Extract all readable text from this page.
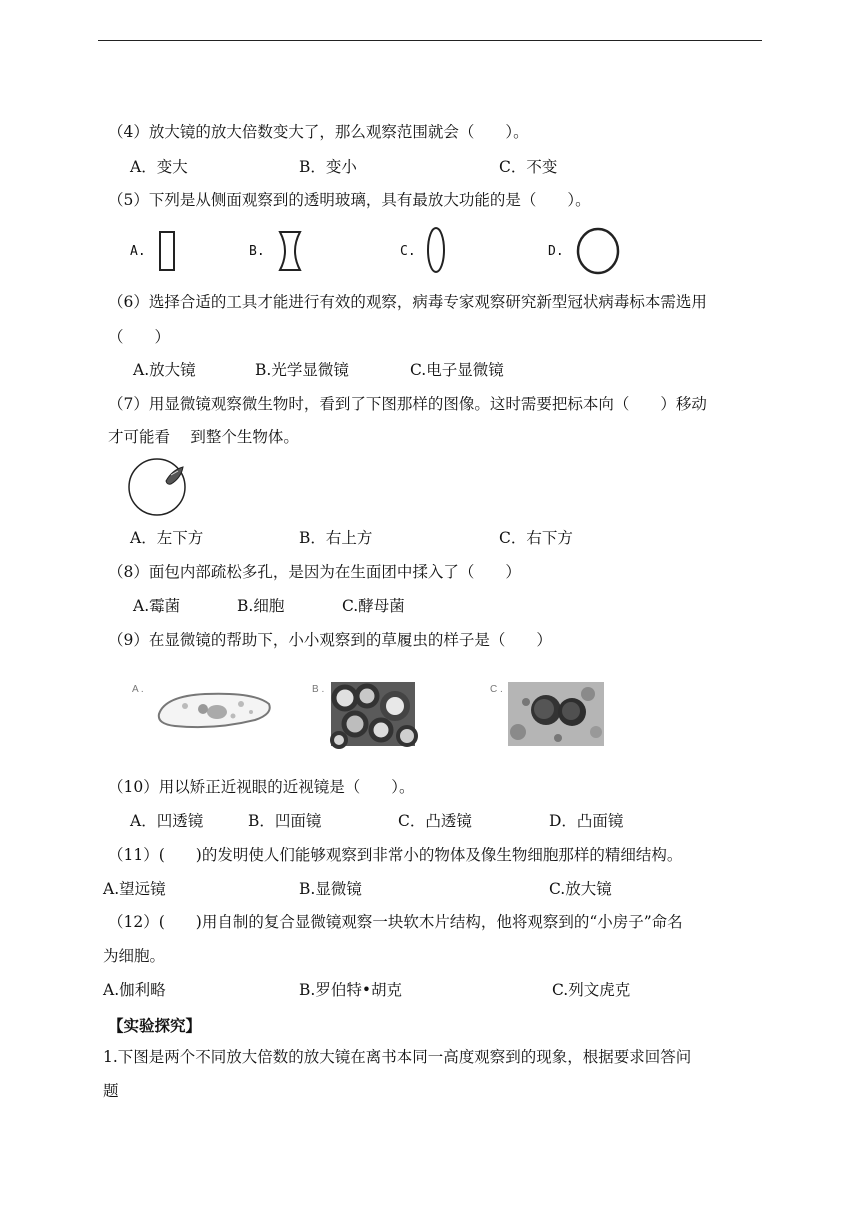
（4）放大镜的放大倍数变大了，那么观察范围就会（　　）。
A．变大	B．变小	C．不变
（5）下列是从侧面观察到的透明玻璃，具有最放大功能的是（　　）。
A.	B.	C.	D.
（6）选择合适的工具才能进行有效的观察，病毒专家观察研究新型冠状病毒标本需选用
（　　）
A.放大镜	B.光学显微镜	C.电子显微镜
（7）用显微镜观察微生物时，看到了下图那样的图像。这时需要把标本向（　　）移动
才可能看　 到整个生物体。
A．左下方	B．右上方	C．右下方
（8）面包内部疏松多孔，是因为在生面团中揉入了（　　）
A.霉菌	B.细胞	C.酵母菌
（9）在显微镜的帮助下，小小观察到的草履虫的样子是（　　）
A .	B .	C .
（10）用以矫正近视眼的近视镜是（　　）。
A．凹透镜	B．凹面镜	C．凸透镜	D．凸面镜
（11）(　　)的发明使人们能够观察到非常小的物体及像生物细胞那样的精细结构。
A.望远镜	B.显微镜	C.放大镜
（12）(　　)用自制的复合显微镜观察一块软木片结构，他将观察到的“小房子”命名
为细胞。
A.伽利略	B.罗伯特•胡克	C.列文虎克
【实验探究】
1.下图是两个不同放大倍数的放大镜在离书本同一高度观察到的现象，根据要求回答问
题
